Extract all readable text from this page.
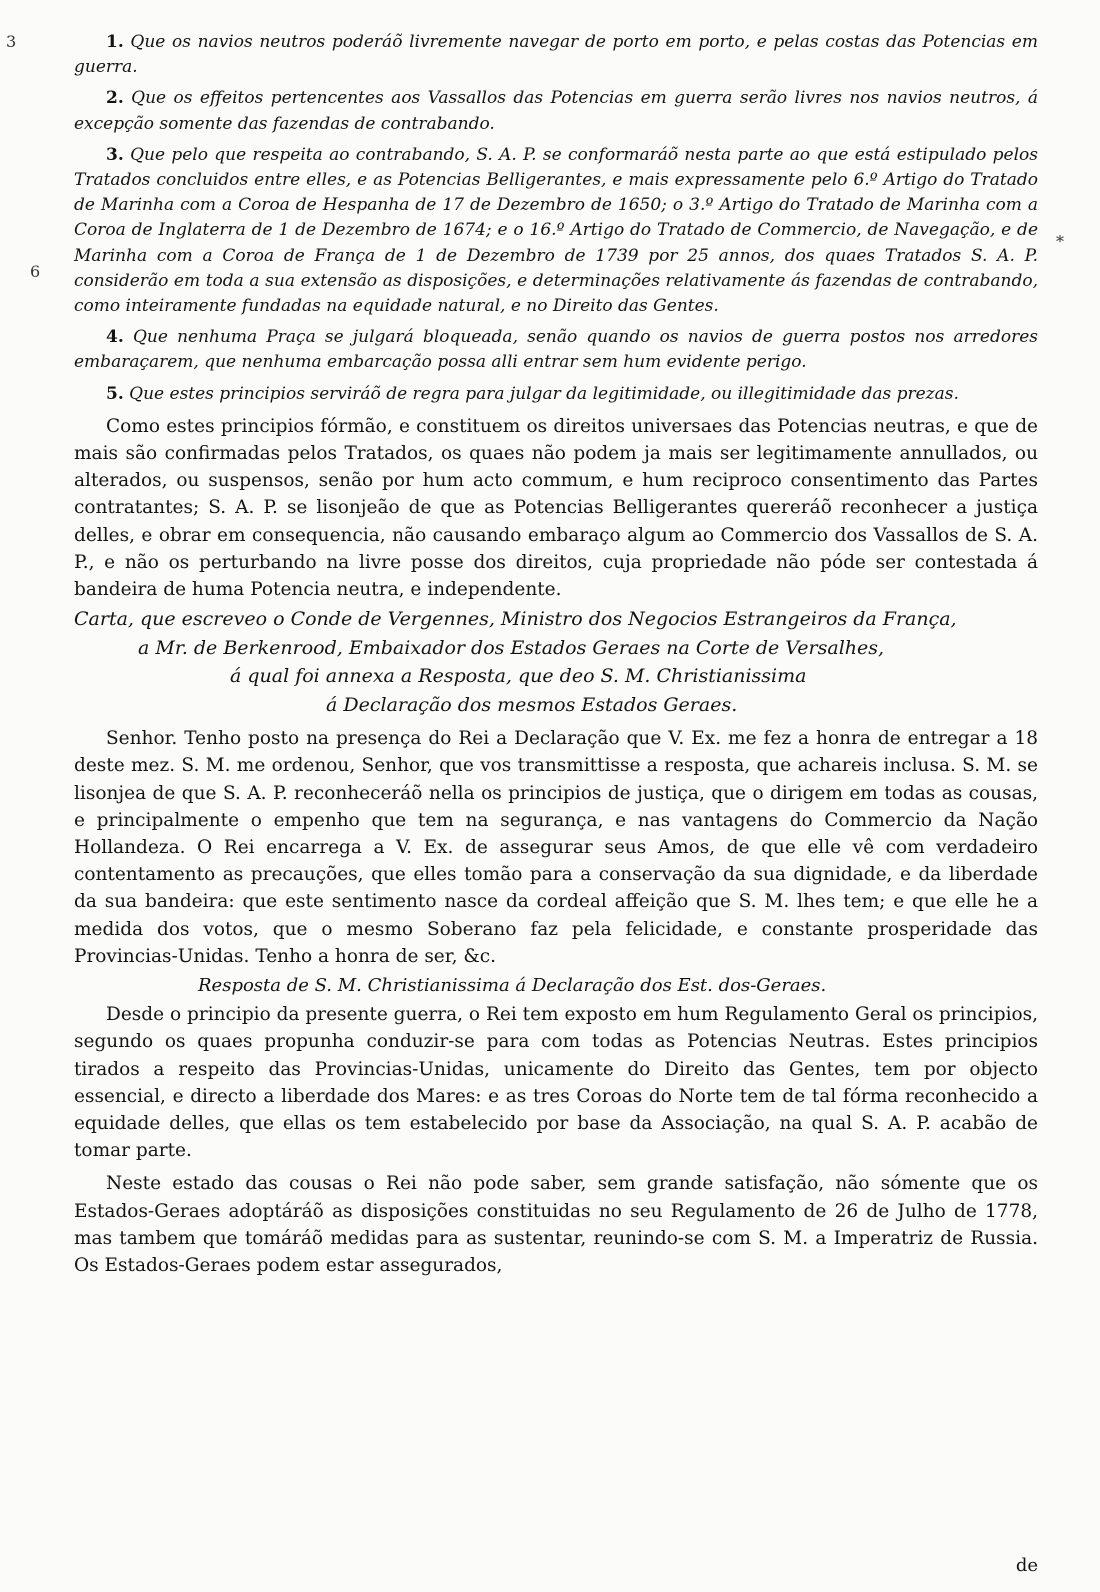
3
6
*

1. Que os navios neutros poderáõ livremente navegar de porto em porto, e pelas costas das Potencias em guerra.

2. Que os effeitos pertencentes aos Vassallos das Potencias em guerra serão livres nos navios neutros, á excepção somente das fazendas de contrabando.

3. Que pelo que respeita ao contrabando, S. A. P. se conformaráõ nesta parte ao que está estipulado pelos Tratados concluidos entre elles, e as Potencias Belligerantes, e mais expressamente pelo 6.º Artigo do Tratado de Marinha com a Coroa de Hespanha de 17 de Dezembro de 1650; o 3.º Artigo do Tratado de Marinha com a Coroa de Inglaterra de 1 de Dezembro de 1674; e o 16.º Artigo do Tratado de Commercio, de Navegação, e de Marinha com a Coroa de França de 1 de Dezembro de 1739 por 25 annos, dos quaes Tratados S. A. P. considerão em toda a sua extensão as disposições, e determinações relativamente ás fazendas de contrabando, como inteiramente fundadas na equidade natural, e no Direito das Gentes.

4. Que nenhuma Praça se julgará bloqueada, senão quando os navios de guerra postos nos arredores embaraçarem, que nenhuma embarcação possa alli entrar sem hum evidente perigo.

5. Que estes principios serviráõ de regra para julgar da legitimidade, ou illegitimidade das prezas.

Como estes principios fórmão, e constituem os direitos universaes das Potencias neutras, e que de mais são confirmadas pelos Tratados, os quaes não podem ja mais ser legitimamente annullados, ou alterados, ou suspensos, senão por hum acto commum, e hum reciproco consentimento das Partes contratantes; S. A. P. se lisonjeão de que as Potencias Belligerantes quereráõ reconhecer a justiça delles, e obrar em consequencia, não causando embaraço algum ao Commercio dos Vassallos de S. A. P., e não os perturbando na livre posse dos direitos, cuja propriedade não póde ser contestada á bandeira de huma Potencia neutra, e independente.

Carta, que escreveo o Conde de Vergennes, Ministro dos Negocios Estrangeiros da França,
a Mr. de Berkenrood, Embaixador dos Estados Geraes na Corte de Versalhes,
á qual foi annexa a Resposta, que deo S. M. Christianissima
á Declaração dos mesmos Estados Geraes.

Senhor. Tenho posto na presença do Rei a Declaração que V. Ex. me fez a honra de entregar a 18 deste mez. S. M. me ordenou, Senhor, que vos transmittisse a resposta, que achareis inclusa. S. M. se lisonjea de que S. A. P. reconheceráõ nella os principios de justiça, que o dirigem em todas as cousas, e principalmente o empenho que tem na segurança, e nas vantagens do Commercio da Nação Hollandeza. O Rei encarrega a V. Ex. de assegurar seus Amos, de que elle vê com verdadeiro contentamento as precauções, que elles tomão para a conservação da sua dignidade, e da liberdade da sua bandeira: que este sentimento nasce da cordeal affeição que S. M. lhes tem; e que elle he a medida dos votos, que o mesmo Soberano faz pela felicidade, e constante prosperidade das Provincias-Unidas. Tenho a honra de ser, &c.

Resposta de S. M. Christianissima á Declaração dos Est. dos-Geraes.

Desde o principio da presente guerra, o Rei tem exposto em hum Regulamento Geral os principios, segundo os quaes propunha conduzir-se para com todas as Potencias Neutras. Estes principios tirados a respeito das Provincias-Unidas, unicamente do Direito das Gentes, tem por objecto essencial, e directo a liberdade dos Mares: e as tres Coroas do Norte tem de tal fórma reconhecido a equidade delles, que ellas os tem estabelecido por base da Associação, na qual S. A. P. acabão de tomar parte.

Neste estado das cousas o Rei não pode saber, sem grande satisfação, não sómente que os Estados-Geraes adoptáráõ as disposições constituidas no seu Regulamento de 26 de Julho de 1778, mas tambem que tomáráõ medidas para as sustentar, reunindo-se com S. M. a Imperatriz de Russia. Os Estados-Geraes podem estar assegurados,

de
